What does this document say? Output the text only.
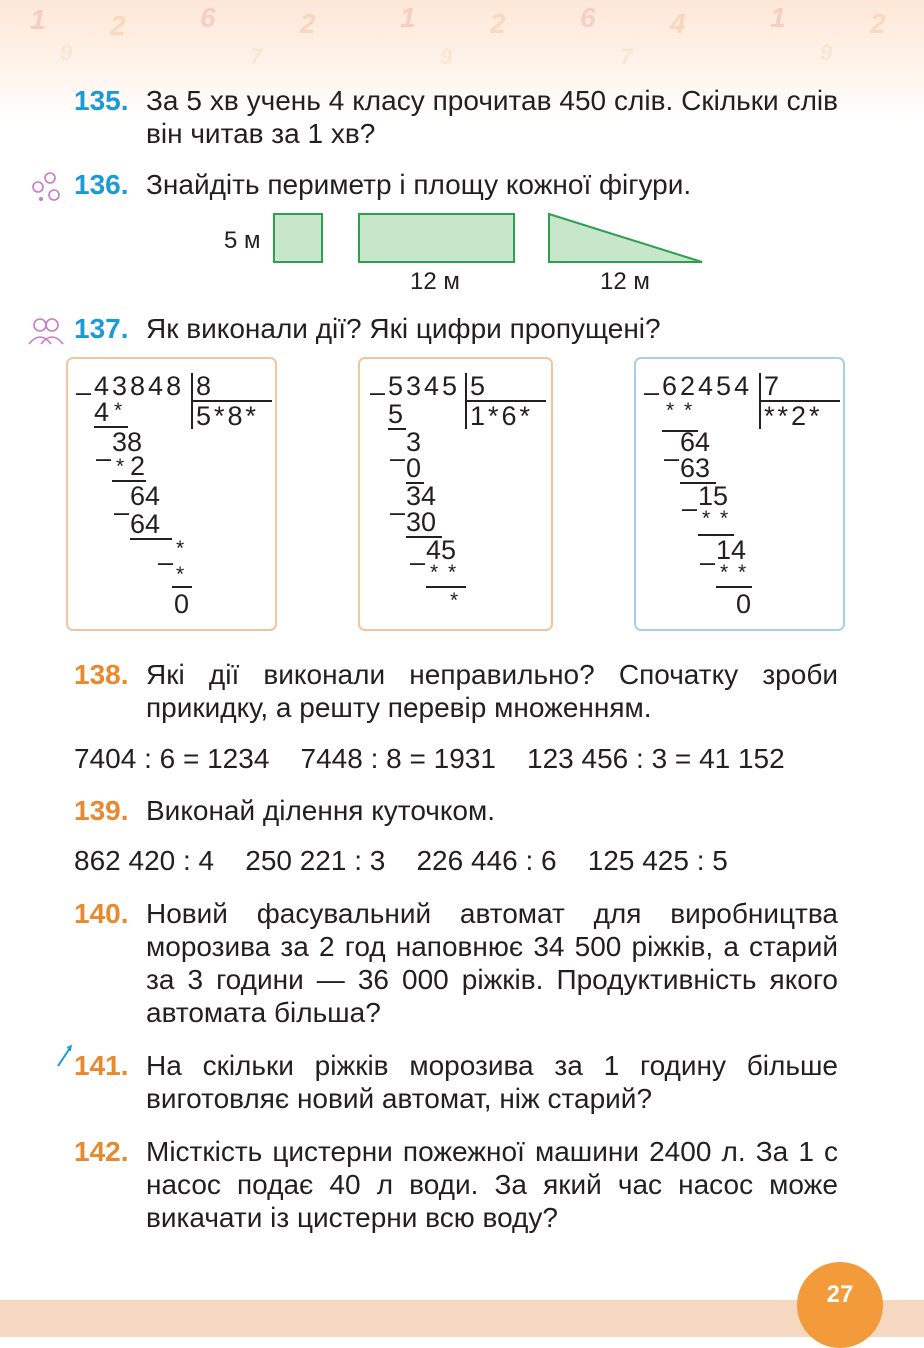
1 2	6	2	1	2	6	4	1	2
9	7	9	7	9
135. За 5 хв учень 4 класу прочитав 450 слів. Скільки слів він читав за 1 хв?
136. Знайдіть периметр і площу кожної фігури.
5 м
12 м	12 м
137. Як виконали дії? Які цифри пропущені?
– 43848 8
5*8*
4 *
38
– * 2
64
– 64
*
– *
0
– 5345 5
1*6*
5
3
– 0
34
– 30
45
– * *
*
– 62454 7
**2*
* *
64
– 63
15
– * *
14
– * *
0
138. Які дії виконали неправильно? Спочатку зроби прикидку, а решту перевір множенням.
7404 : 6 = 1234    7448 : 8 = 1931    123 456 : 3 = 41 152
139. Виконай ділення куточком.
862 420 : 4    250 221 : 3    226 446 : 6    125 425 : 5
140. Новий фасувальний автомат для виробництва морозива за 2 год наповнює 34 500 ріжків, а старий за 3 години — 36 000 ріжків. Продуктивність якого автомата більша?
141. На скільки ріжків морозива за 1 годину більше виготовляє новий автомат, ніж старий?
142. Місткість цистерни пожежної машини 2400 л. За 1 с насос подає 40 л води. За який час насос може викачати із цистерни всю воду?
27
